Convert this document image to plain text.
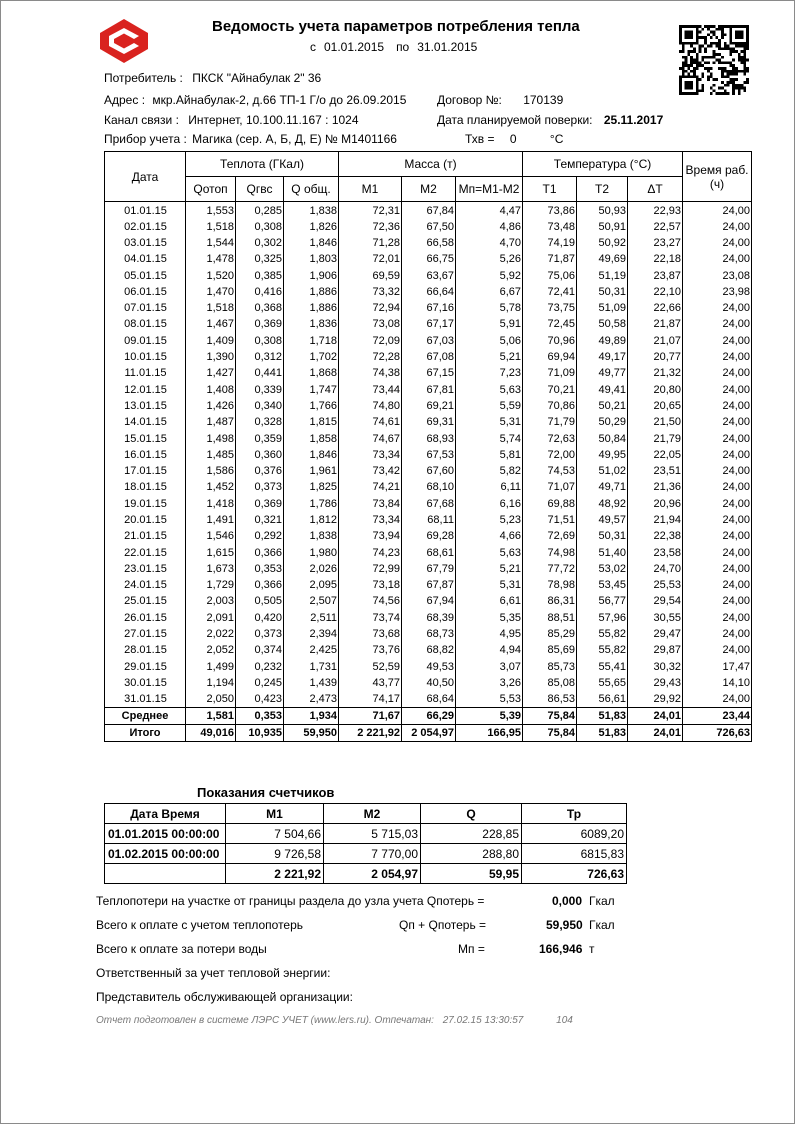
Ведомость учета параметров потребления тепла
с 01.01.2015 по 31.01.2015
Потребитель : ПКСК "Айнабулак 2" 36
Адрес : мкр.Айнабулак-2, д.66 ТП-1 Г/о до 26.09.2015	Договор №: 170139
Канал связи : Интернет, 10.100.11.167 : 1024	Дата планируемой поверки: 25.11.2017
Прибор учета : Магика (сер. А, Б, Д, Е) № М1401166	Тхв = 0	°С
Дата	Теплота (ГКал)			Масса (т)			Температура (°С)			Время раб.(ч)
	Qотоп	Qгвс	Q общ.	М1	М2	Мп=М1-М2	Т1	Т2	ΔT	
01.01.15	1,553	0,285	1,838	72,31	67,84	4,47	73,86	50,93	22,93	24,00
02.01.15	1,518	0,308	1,826	72,36	67,50	4,86	73,48	50,91	22,57	24,00
03.01.15	1,544	0,302	1,846	71,28	66,58	4,70	74,19	50,92	23,27	24,00
04.01.15	1,478	0,325	1,803	72,01	66,75	5,26	71,87	49,69	22,18	24,00
05.01.15	1,520	0,385	1,906	69,59	63,67	5,92	75,06	51,19	23,87	23,08
06.01.15	1,470	0,416	1,886	73,32	66,64	6,67	72,41	50,31	22,10	23,98
07.01.15	1,518	0,368	1,886	72,94	67,16	5,78	73,75	51,09	22,66	24,00
08.01.15	1,467	0,369	1,836	73,08	67,17	5,91	72,45	50,58	21,87	24,00
09.01.15	1,409	0,308	1,718	72,09	67,03	5,06	70,96	49,89	21,07	24,00
10.01.15	1,390	0,312	1,702	72,28	67,08	5,21	69,94	49,17	20,77	24,00
11.01.15	1,427	0,441	1,868	74,38	67,15	7,23	71,09	49,77	21,32	24,00
12.01.15	1,408	0,339	1,747	73,44	67,81	5,63	70,21	49,41	20,80	24,00
13.01.15	1,426	0,340	1,766	74,80	69,21	5,59	70,86	50,21	20,65	24,00
14.01.15	1,487	0,328	1,815	74,61	69,31	5,31	71,79	50,29	21,50	24,00
15.01.15	1,498	0,359	1,858	74,67	68,93	5,74	72,63	50,84	21,79	24,00
16.01.15	1,485	0,360	1,846	73,34	67,53	5,81	72,00	49,95	22,05	24,00
17.01.15	1,586	0,376	1,961	73,42	67,60	5,82	74,53	51,02	23,51	24,00
18.01.15	1,452	0,373	1,825	74,21	68,10	6,11	71,07	49,71	21,36	24,00
19.01.15	1,418	0,369	1,786	73,84	67,68	6,16	69,88	48,92	20,96	24,00
20.01.15	1,491	0,321	1,812	73,34	68,11	5,23	71,51	49,57	21,94	24,00
21.01.15	1,546	0,292	1,838	73,94	69,28	4,66	72,69	50,31	22,38	24,00
22.01.15	1,615	0,366	1,980	74,23	68,61	5,63	74,98	51,40	23,58	24,00
23.01.15	1,673	0,353	2,026	72,99	67,79	5,21	77,72	53,02	24,70	24,00
24.01.15	1,729	0,366	2,095	73,18	67,87	5,31	78,98	53,45	25,53	24,00
25.01.15	2,003	0,505	2,507	74,56	67,94	6,61	86,31	56,77	29,54	24,00
26.01.15	2,091	0,420	2,511	73,74	68,39	5,35	88,51	57,96	30,55	24,00
27.01.15	2,022	0,373	2,394	73,68	68,73	4,95	85,29	55,82	29,47	24,00
28.01.15	2,052	0,374	2,425	73,76	68,82	4,94	85,69	55,82	29,87	24,00
29.01.15	1,499	0,232	1,731	52,59	49,53	3,07	85,73	55,41	30,32	17,47
30.01.15	1,194	0,245	1,439	43,77	40,50	3,26	85,08	55,65	29,43	14,10
31.01.15	2,050	0,423	2,473	74,17	68,64	5,53	86,53	56,61	29,92	24,00
Среднее	1,581	0,353	1,934	71,67	66,29	5,39	75,84	51,83	24,01	23,44
Итого	49,016	10,935	59,950	2 221,92	2 054,97	166,95	75,84	51,83	24,01	726,63
Показания счетчиков
Дата Время	М1	М2	Q	Тр
01.01.2015 00:00:00	7 504,66	5 715,03	228,85	6089,20
01.02.2015 00:00:00	9 726,58	7 770,00	288,80	6815,83
	2 221,92	2 054,97	59,95	726,63
Теплопотери на участке от границы раздела до узла учета Qпотерь =	0,000 Гкал
Всего к оплате с учетом теплопотерь	Qп + Qпотерь =	59,950 Гкал
Всего к оплате за потери воды	Мп =	166,946 т
Ответственный за учет тепловой энергии:
Представитель обслуживающей организации:
Отчет подготовлен в системе ЛЭРС УЧЕТ (www.lers.ru). Отпечатан: 27.02.15 13:30:57	104
